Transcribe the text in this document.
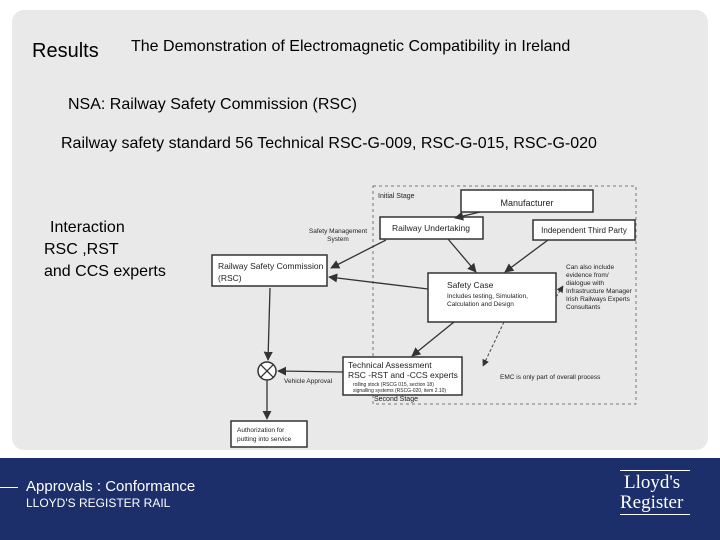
Results The Demonstration of Electromagnetic Compatibility in Ireland
NSA: Railway Safety Commission (RSC)
Railway safety standard 56 Technical RSC-G-009, RSC-G-015, RSC-G-020
Interaction
RSC ,RST
and CCS experts
Initial Stage
Manufacturer
Railway Undertaking	Independent Third Party
Safety Management
System
Railway Safety Commission
(RSC)
Safety Case
Includes testing, Simulation,
Calculation and Design
Can also include
evidence from/
dialogue with
Infrastructure Manager
Irish Railways Experts
Consultants
Technical Assessment
RSC -RST and -CCS experts
rolling stock (RSCG 015, section 18)
signalling systems (RSCG-020, item 2.10)
Second Stage
EMC is only part of overall process
Vehicle Approval
Authorization for
putting into service
Approvals : Conformance
LLOYD'S REGISTER RAIL
Lloyd's
Register
